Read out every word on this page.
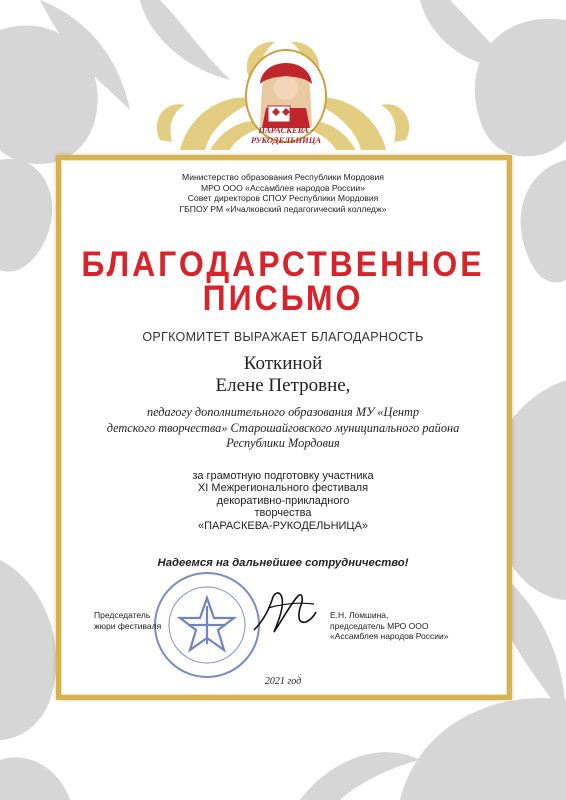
ПАРАСКЕВА -
РУКОДЕЛЬНИЦА
Министерство образования Республики Мордовия
МРО ООО «Ассамблея народов России»
Совет директоров СПОУ Республики Мордовия
ГБПОУ РМ «Ичалковский педагогический колледж»
БЛАГОДАРСТВЕННОЕ
ПИСЬМО
ОРГКОМИТЕТ ВЫРАЖАЕТ БЛАГОДАРНОСТЬ
Коткиной
Елене Петровне,
педагогу дополнительного образования МУ «Центр
детского творчества» Старошайговского муниципального района
Республики Мордовия
за грамотную подготовку участника
XI Межрегионального фестиваля
декоративно-прикладного
творчества
«ПАРАСКЕВА-РУКОДЕЛЬНИЦА»
Надеемся на дальнейшее сотрудничество!
Председатель
жюри фестиваля
Е.Н. Ломшина,
председатель МРО ООО
«Ассамблея народов России»
2021 год
